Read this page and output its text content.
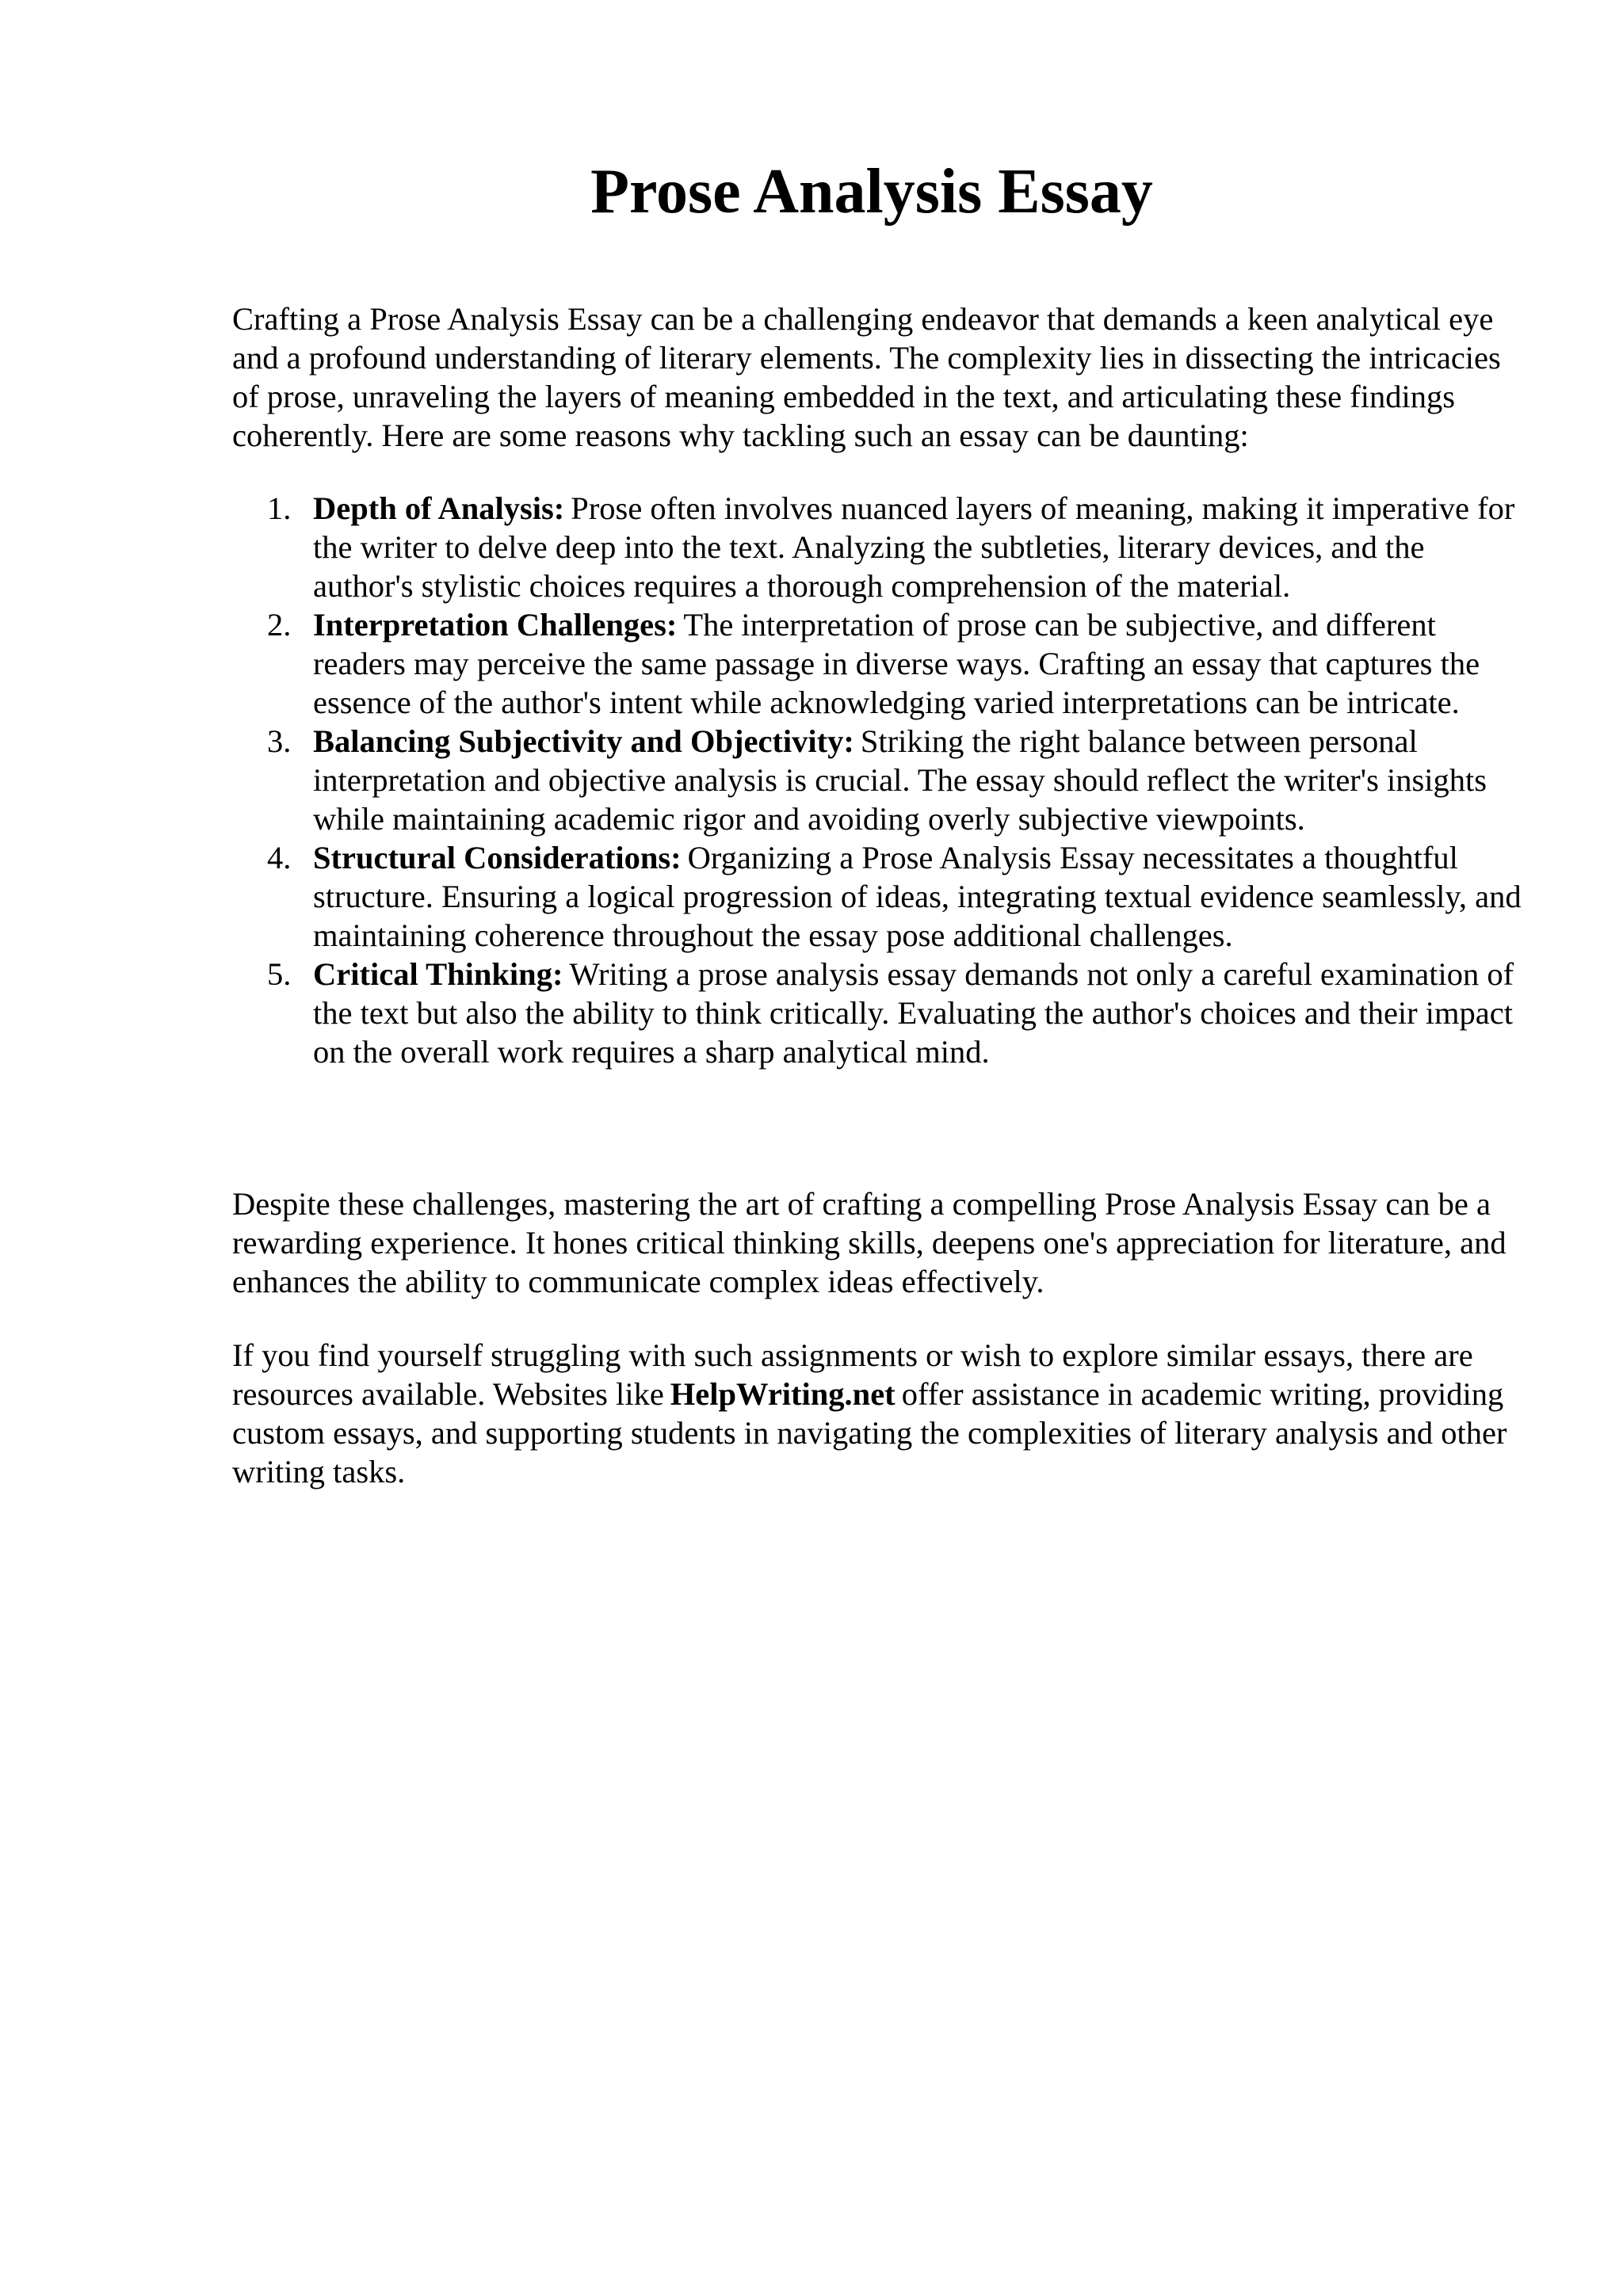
Prose Analysis Essay

Crafting a Prose Analysis Essay can be a challenging endeavor that demands a keen analytical eye and a profound understanding of literary elements. The complexity lies in dissecting the intricacies of prose, unraveling the layers of meaning embedded in the text, and articulating these findings coherently. Here are some reasons why tackling such an essay can be daunting:

1. Depth of Analysis: Prose often involves nuanced layers of meaning, making it imperative for the writer to delve deep into the text. Analyzing the subtleties, literary devices, and the author's stylistic choices requires a thorough comprehension of the material.
2. Interpretation Challenges: The interpretation of prose can be subjective, and different readers may perceive the same passage in diverse ways. Crafting an essay that captures the essence of the author's intent while acknowledging varied interpretations can be intricate.
3. Balancing Subjectivity and Objectivity: Striking the right balance between personal interpretation and objective analysis is crucial. The essay should reflect the writer's insights while maintaining academic rigor and avoiding overly subjective viewpoints.
4. Structural Considerations: Organizing a Prose Analysis Essay necessitates a thoughtful structure. Ensuring a logical progression of ideas, integrating textual evidence seamlessly, and maintaining coherence throughout the essay pose additional challenges.
5. Critical Thinking: Writing a prose analysis essay demands not only a careful examination of the text but also the ability to think critically. Evaluating the author's choices and their impact on the overall work requires a sharp analytical mind.

Despite these challenges, mastering the art of crafting a compelling Prose Analysis Essay can be a rewarding experience. It hones critical thinking skills, deepens one's appreciation for literature, and enhances the ability to communicate complex ideas effectively.

If you find yourself struggling with such assignments or wish to explore similar essays, there are resources available. Websites like HelpWriting.net offer assistance in academic writing, providing custom essays, and supporting students in navigating the complexities of literary analysis and other writing tasks.
